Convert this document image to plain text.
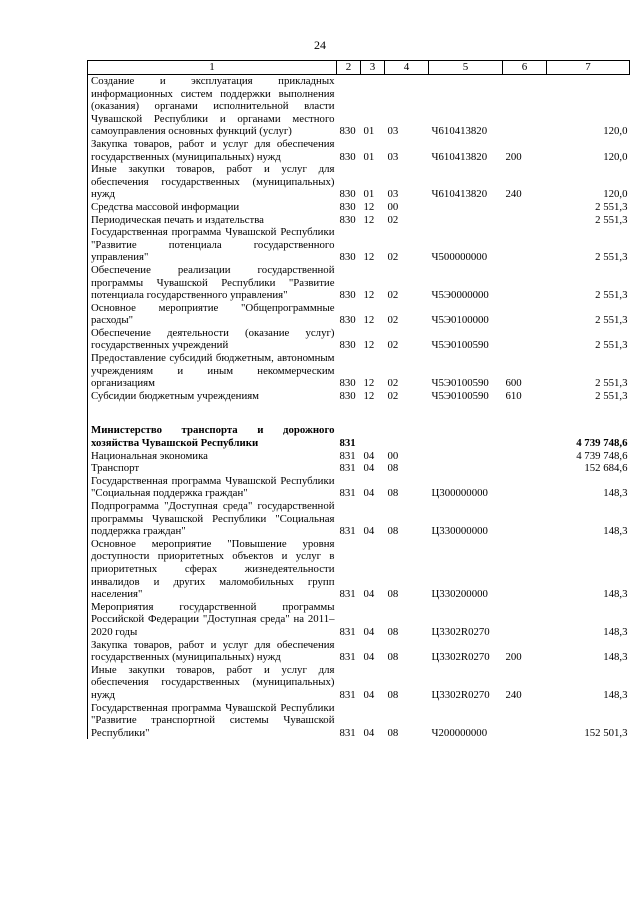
24
1	2	3	4	5	6	7
Создание и эксплуатация прикладных информационных систем поддержки выполнения (оказания) органами исполнительной власти Чувашской Республики и органами местного самоуправления основных функций (услуг)	830	01	03	Ч610413820		120,0
Закупка товаров, работ и услуг для обеспечения государственных (муниципальных) нужд	830	01	03	Ч610413820	200	120,0
Иные закупки товаров, работ и услуг для обеспечения государственных (муниципальных) нужд	830	01	03	Ч610413820	240	120,0
Средства массовой информации	830	12	00			2 551,3
Периодическая печать и издательства	830	12	02			2 551,3
Государственная программа Чувашской Республики "Развитие потенциала государственного управления"	830	12	02	Ч500000000		2 551,3
Обеспечение реализации государственной программы Чувашской Республики "Развитие потенциала государственного управления"	830	12	02	Ч5Э0000000		2 551,3
Основное мероприятие "Общепрограммные расходы"	830	12	02	Ч5Э0100000		2 551,3
Обеспечение деятельности (оказание услуг) государственных учреждений	830	12	02	Ч5Э0100590		2 551,3
Предоставление субсидий бюджетным, автономным учреждениям и иным некоммерческим организациям	830	12	02	Ч5Э0100590	600	2 551,3
Субсидии бюджетным учреждениям	830	12	02	Ч5Э0100590	610	2 551,3

Министерство транспорта и дорожного хозяйства Чувашской Республики	831					4 739 748,6
Национальная экономика	831	04	00			4 739 748,6
Транспорт	831	04	08			152 684,6
Государственная программа Чувашской Республики "Социальная поддержка граждан"	831	04	08	Ц300000000		148,3
Подпрограмма "Доступная среда" государственной программы Чувашской Республики "Социальная поддержка граждан"	831	04	08	Ц330000000		148,3
Основное мероприятие "Повышение уровня доступности приоритетных объектов и услуг в приоритетных сферах жизнедеятельности инвалидов и других маломобильных групп населения"	831	04	08	Ц330200000		148,3
Мероприятия государственной программы Российской Федерации "Доступная среда" на 2011–2020 годы	831	04	08	Ц3302R0270		148,3
Закупка товаров, работ и услуг для обеспечения государственных (муниципальных) нужд	831	04	08	Ц3302R0270	200	148,3
Иные закупки товаров, работ и услуг для обеспечения государственных (муниципальных) нужд	831	04	08	Ц3302R0270	240	148,3
Государственная программа Чувашской Республики "Развитие транспортной системы Чувашской Республики"	831	04	08	Ч200000000		152 501,3
